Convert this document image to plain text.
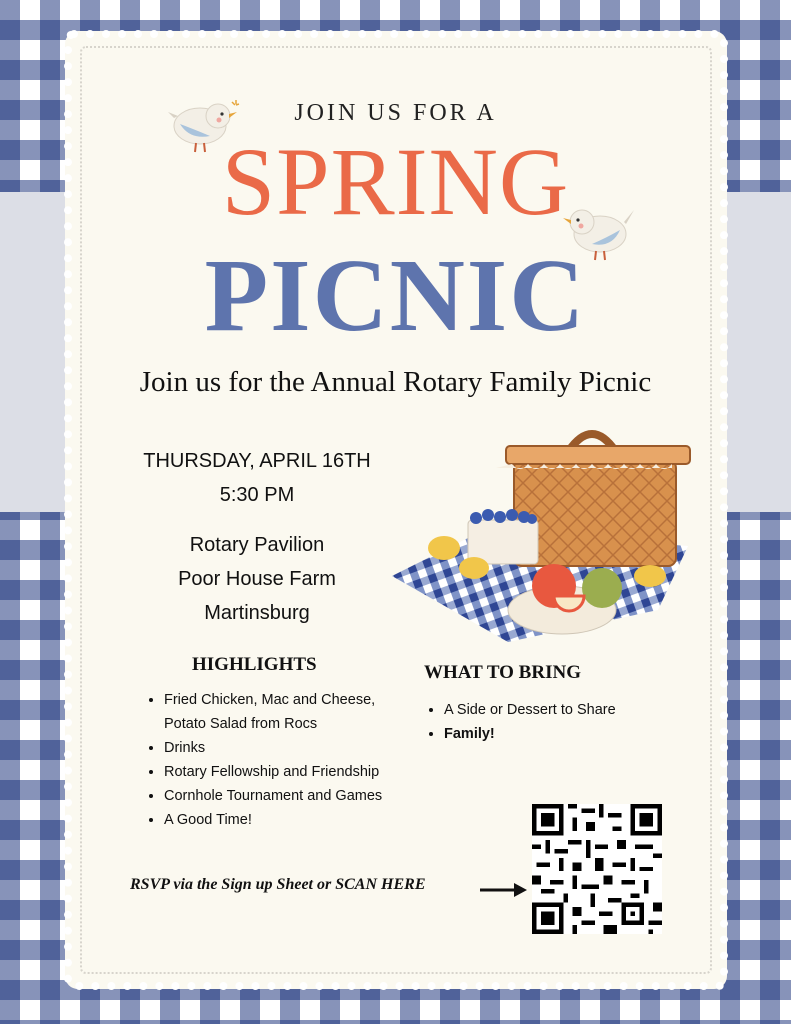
JOIN US FOR A
SPRING
PICNIC
Join us for the Annual Rotary Family Picnic
THURSDAY, APRIL 16TH
5:30 PM
Rotary Pavilion
Poor House Farm
Martinsburg
HIGHLIGHTS
• Fried Chicken, Mac and Cheese, Potato Salad from Rocs
• Drinks
• Rotary Fellowship and Friendship
• Cornhole Tournament and Games
• A Good Time!
WHAT TO BRING
• A Side or Dessert to Share
• Family!
RSVP via the Sign up Sheet or SCAN HERE
